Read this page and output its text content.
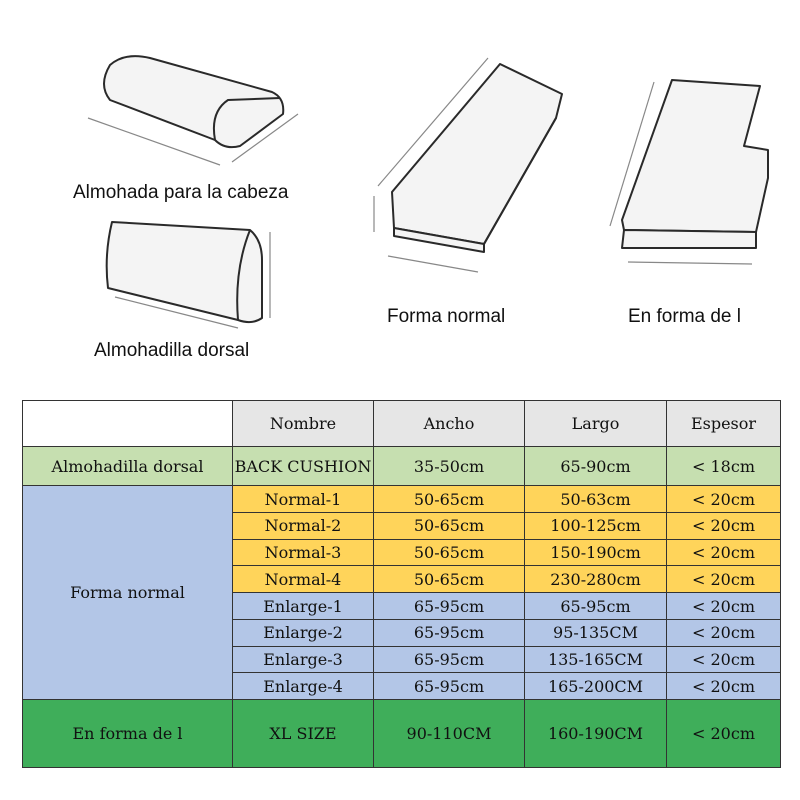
Almohada para la cabeza
Almohadilla dorsal
Forma normal	En forma de l
	Nombre	Ancho	Largo	Espesor
Almohadilla dorsal	BACK CUSHION	35-50cm	65-90cm	< 18cm
Forma normal	Normal-1	50-65cm	50-63cm	< 20cm
	Normal-2	50-65cm	100-125cm	< 20cm
	Normal-3	50-65cm	150-190cm	< 20cm
	Normal-4	50-65cm	230-280cm	< 20cm
	Enlarge-1	65-95cm	65-95cm	< 20cm
	Enlarge-2	65-95cm	95-135CM	< 20cm
	Enlarge-3	65-95cm	135-165CM	< 20cm
	Enlarge-4	65-95cm	165-200CM	< 20cm
En forma de l	XL SIZE	90-110CM	160-190CM	< 20cm
